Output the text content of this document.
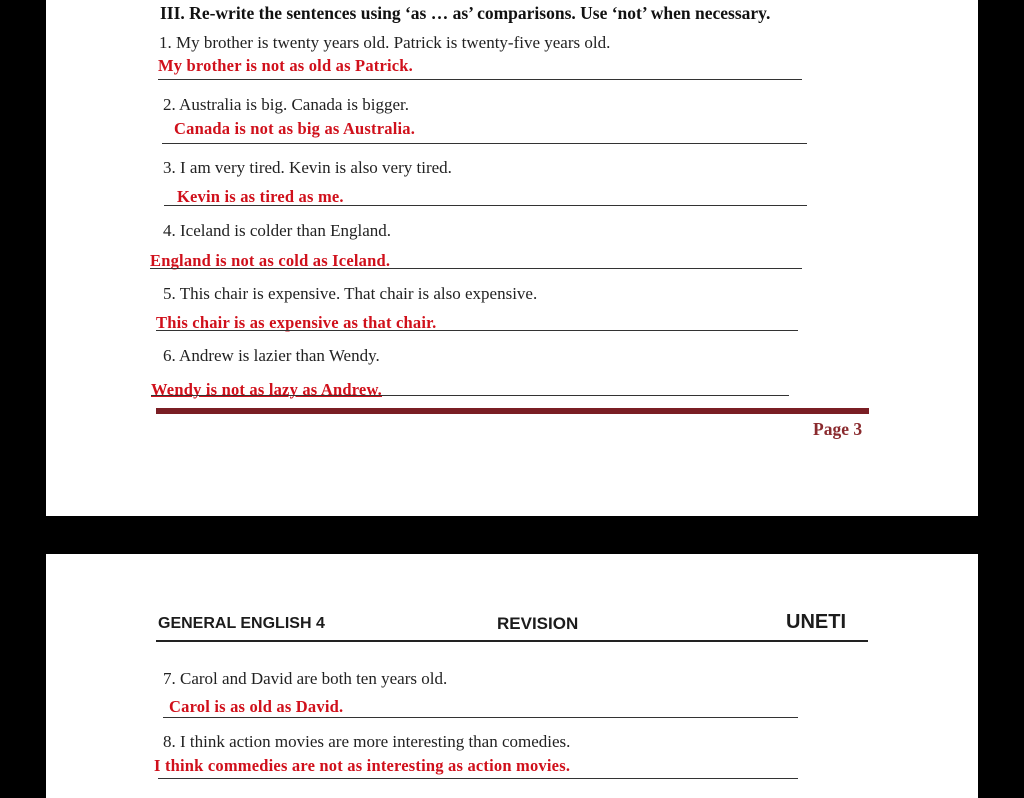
III. Re-write the sentences using ‘as … as’ comparisons. Use ‘not’ when necessary.
1. My brother is twenty years old. Patrick is twenty-five years old.
My brother is not as old as Patrick.
2. Australia is big. Canada is bigger.
Canada is not as big as Australia.
3. I am very tired. Kevin is also very tired.
Kevin is as tired as me.
4. Iceland is colder than England.
England is not as cold as Iceland.
5. This chair is expensive. That chair is also expensive.
This chair is as expensive as that chair.
6. Andrew is lazier than Wendy.
Wendy is not as lazy as Andrew.
Page 3
GENERAL ENGLISH 4	REVISION	UNETI
7. Carol and David are both ten years old.
Carol is as old as David.
8. I think action movies are more interesting than comedies.
I think commedies are not as interesting as action movies.
